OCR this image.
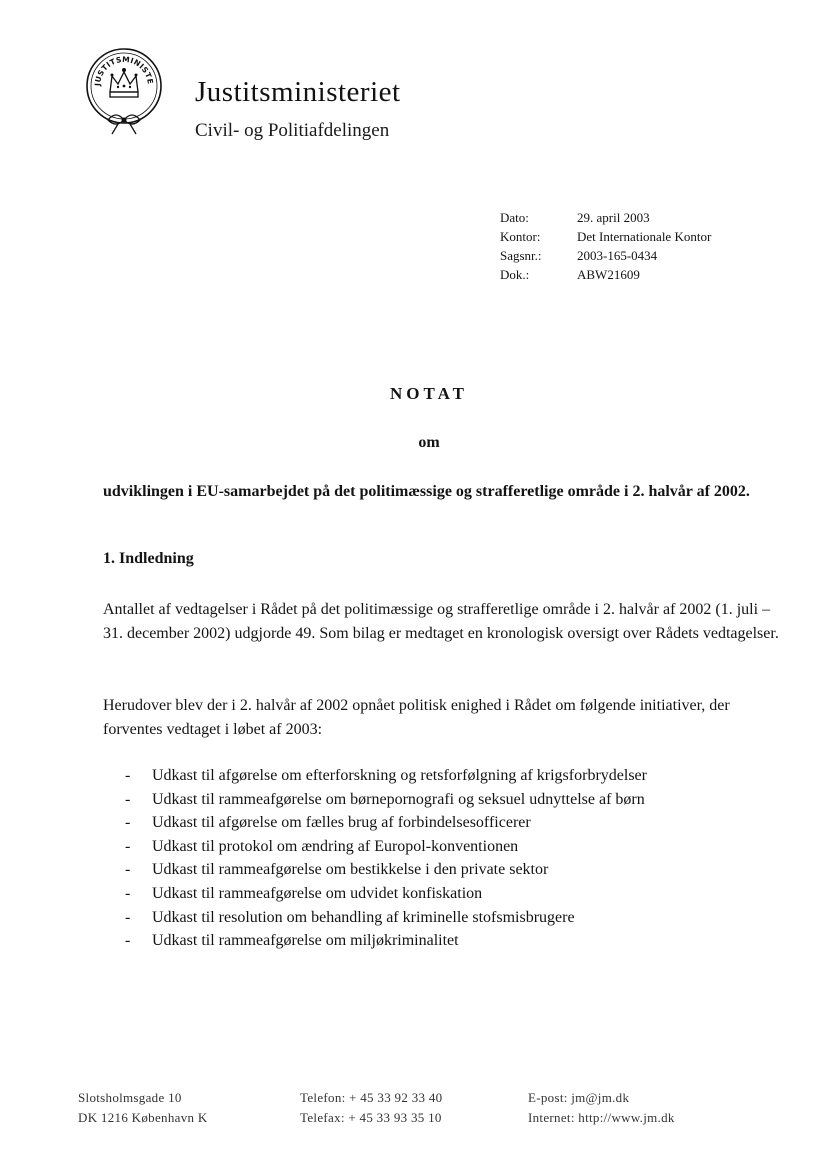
JUSTITSMINISTE Justitsministeriet
Civil- og Politiafdelingen
Dato:	29. april 2003
Kontor:	Det Internationale Kontor
Sagsnr.:	2003-165-0434
Dok.:	ABW21609
NOTAT
om
udviklingen i EU-samarbejdet på det politimæssige og strafferetlige område i 2. halvår af 2002.
1. Indledning
Antallet af vedtagelser i Rådet på det politimæssige og strafferetlige område i 2. halvår af 2002 (1. juli – 31. december 2002) udgjorde 49. Som bilag er medtaget en kronologisk oversigt over Rådets vedtagelser.
Herudover blev der i 2. halvår af 2002 opnået politisk enighed i Rådet om følgende initiativer, der forventes vedtaget i løbet af 2003:
-	Udkast til afgørelse om efterforskning og retsforfølgning af krigsforbrydelser
-	Udkast til rammeafgørelse om børnepornografi og seksuel udnyttelse af børn
-	Udkast til afgørelse om fælles brug af forbindelsesofficerer
-	Udkast til protokol om ændring af Europol-konventionen
-	Udkast til rammeafgørelse om bestikkelse i den private sektor
-	Udkast til rammeafgørelse om udvidet konfiskation
-	Udkast til resolution om behandling af kriminelle stofsmisbrugere
-	Udkast til rammeafgørelse om miljøkriminalitet
Slotsholmsgade 10
DK 1216 København K
Telefon: + 45 33 92 33 40
Telefax: + 45 33 93 35 10
E-post: jm@jm.dk
Internet: http://www.jm.dk
